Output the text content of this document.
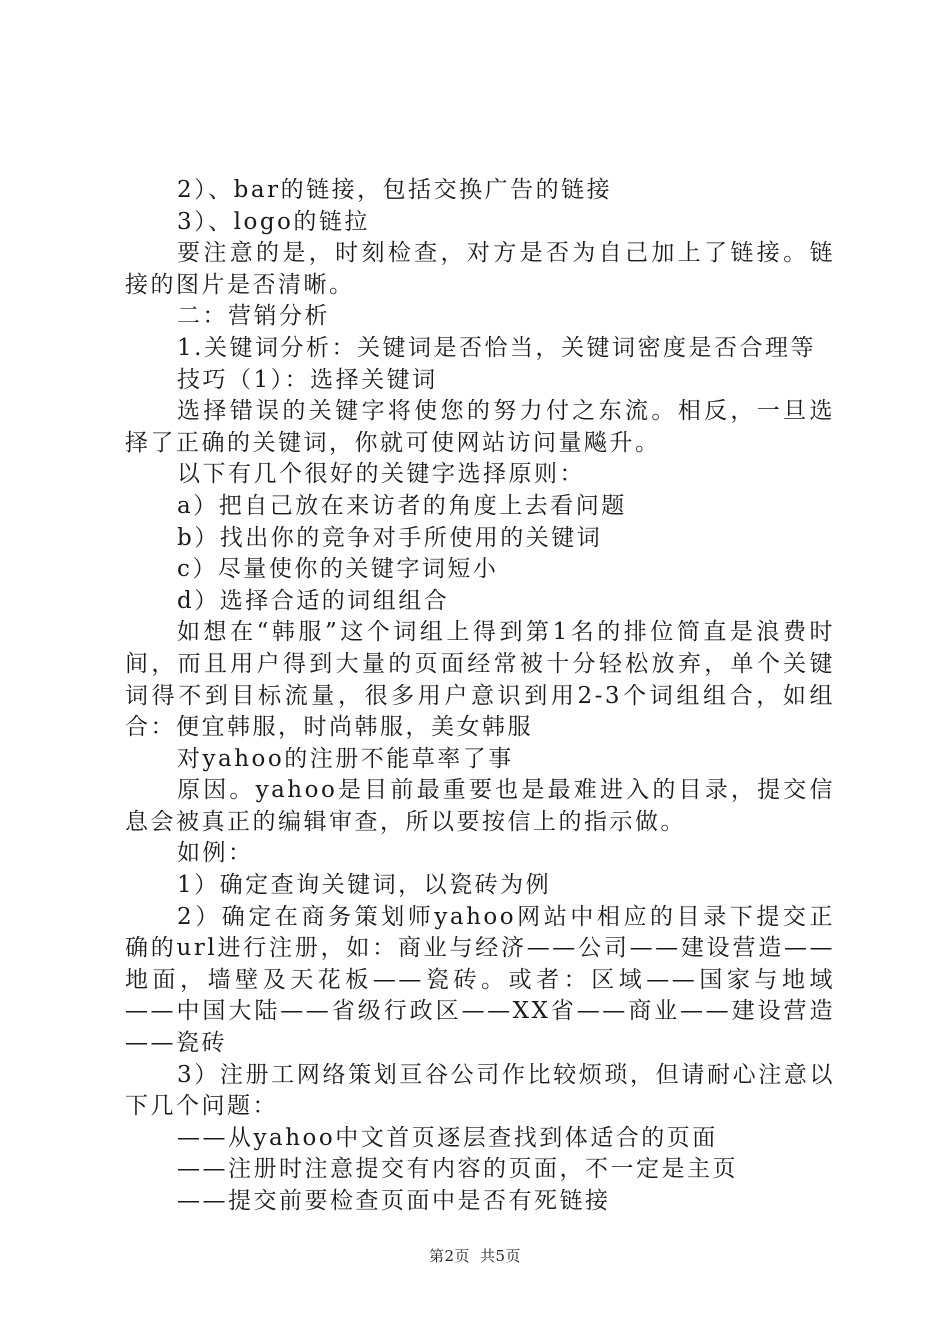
2）、bar的链接，包括交换广告的链接

3）、logo的链拉

要注意的是，时刻检查，对方是否为自己加上了链接。链接的图片是否清晰。

二：营销分析

1.关键词分析：关键词是否恰当，关键词密度是否合理等

技巧（1）：选择关键词

选择错误的关键字将使您的努力付之东流。相反，一旦选择了正确的关键词，你就可使网站访问量飚升。

以下有几个很好的关键字选择原则：

a）把自己放在来访者的角度上去看问题

b）找出你的竞争对手所使用的关键词

c）尽量使你的关键字词短小

d）选择合适的词组组合

如想在“韩服”这个词组上得到第1名的排位简直是浪费时间，而且用户得到大量的页面经常被十分轻松放弃，单个关键词得不到目标流量，很多用户意识到用2-3个词组组合，如组合：便宜韩服，时尚韩服，美女韩服

对yahoo的注册不能草率了事

原因。yahoo是目前最重要也是最难进入的目录，提交信息会被真正的编辑审查，所以要按信上的指示做。

如例：

1）确定查询关键词，以瓷砖为例

2）确定在商务策划师yahoo网站中相应的目录下提交正确的url进行注册，如：商业与经济——公司——建设营造——地面，墙壁及天花板——瓷砖。或者：区域——国家与地域——中国大陆——省级行政区——XX省——商业——建设营造——瓷砖

3）注册工网络策划亘谷公司作比较烦琐，但请耐心注意以下几个问题：

——从yahoo中文首页逐层查找到体适合的页面

——注册时注意提交有内容的页面，不一定是主页

——提交前要检查页面中是否有死链接

第2页 共5页
